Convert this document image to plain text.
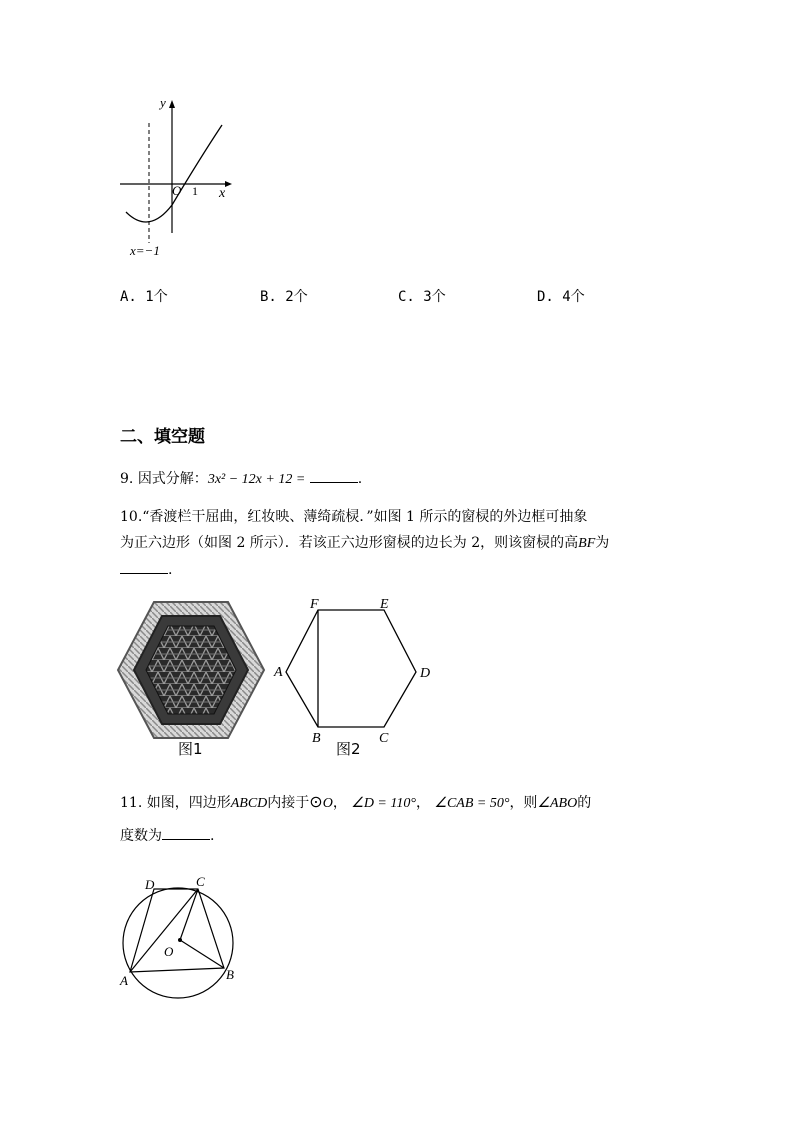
y
x
O 1
x=−1
A. 1个	B. 2个	C. 3个	D. 4个
二、填空题
9. 因式分解：3x² − 12x + 12 =	.
10.“香渡栏干屈曲，红妆映、薄绮疏棂．”如图 1 所示的窗棂的外边框可抽象
为正六边形（如图 2 所示）．若该正六边形窗棂的边长为 2，则该窗棂的高BF为
.
图1
F	E
A	D
B	C
图2
11. 如图，四边形ABCD内接于⊙O， ∠D = 110°， ∠CAB = 50°，则∠ABO的
度数为	.
D	C
O
A	B
